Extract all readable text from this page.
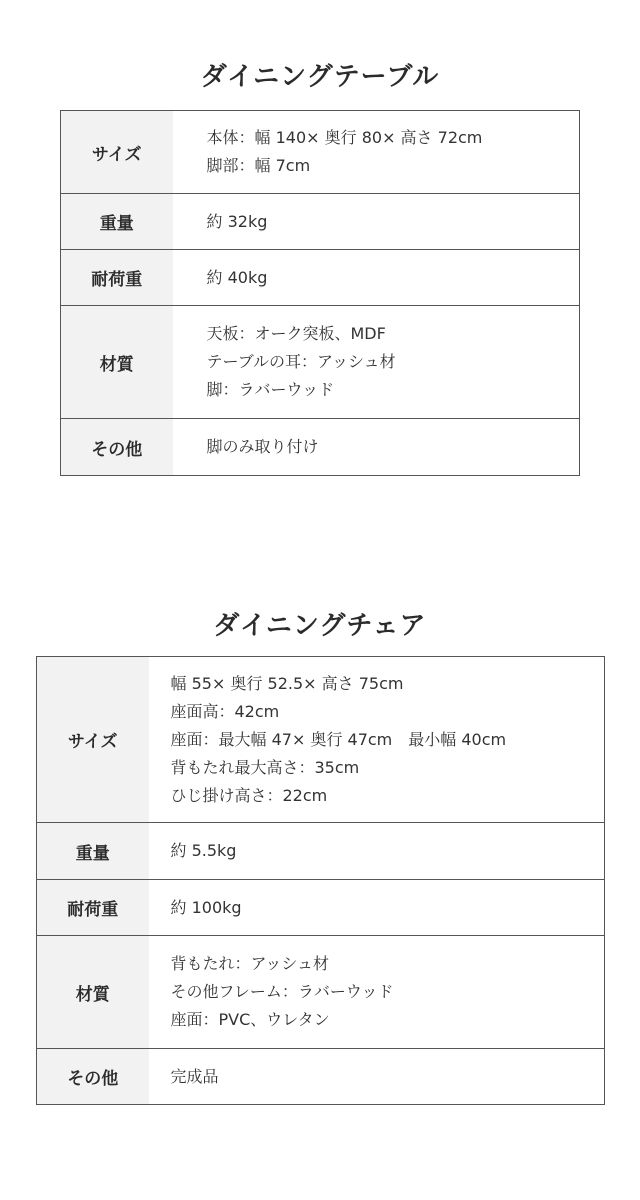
ダイニングテーブル
サイズ	本体：幅 140× 奥行 80× 高さ 72cm
脚部：幅 7cm

重量	約 32kg

耐荷重	約 40kg

材質	天板：オーク突板、MDF
テーブルの耳：アッシュ材
脚：ラバーウッド

その他	脚のみ取り付け
ダイニングチェア
サイズ	幅 55× 奥行 52.5× 高さ 75cm
座面高：42cm
座面：最大幅 47× 奥行 47cm　最小幅 40cm
背もたれ最大高さ：35cm
ひじ掛け高さ：22cm

重量	約 5.5kg

耐荷重	約 100kg

材質	背もたれ：アッシュ材
その他フレーム：ラバーウッド
座面：PVC、ウレタン

その他	完成品
